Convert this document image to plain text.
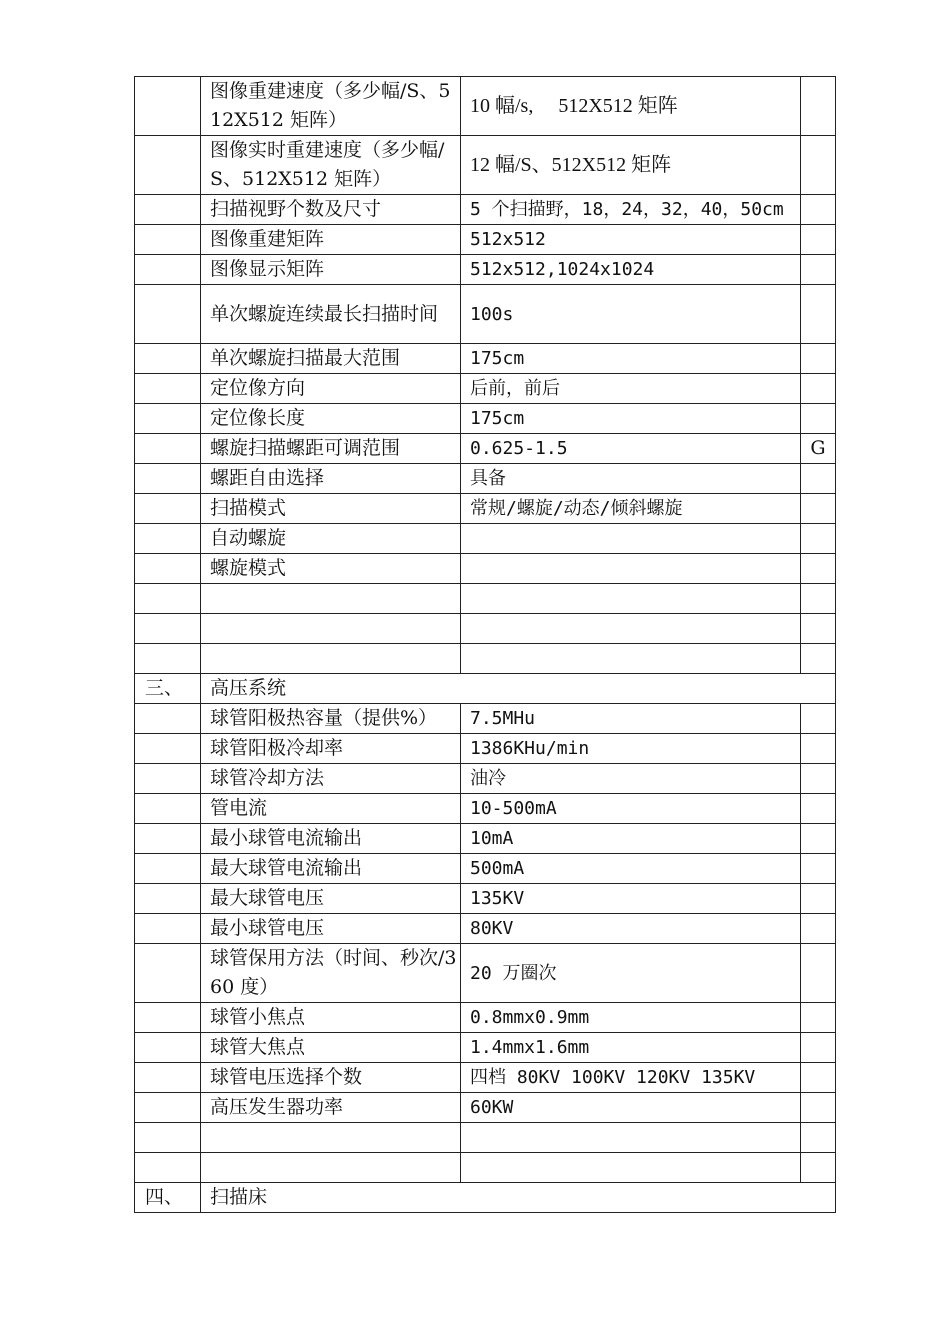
	图像重建速度（多少幅/S、512X512 矩阵）	10 幅/s,　 512X512 矩阵	
	图像实时重建速度（多少幅/S、512X512 矩阵）	12 幅/S、512X512 矩阵	
	扫描视野个数及尺寸	5 个扫描野，18，24，32，40，50cm	
	图像重建矩阵	512x512	
	图像显示矩阵	512x512,1024x1024	
	单次螺旋连续最长扫描时间	100s	
	单次螺旋扫描最大范围	175cm	
	定位像方向	后前，前后	
	定位像长度	175cm	
	螺旋扫描螺距可调范围	0.625-1.5	G
	螺距自由选择	具备	
	扫描模式	常规/螺旋/动态/倾斜螺旋	
	自动螺旋		
	螺旋模式		

三、	高压系统		
	球管阳极热容量（提供%）	7.5MHu	
	球管阳极冷却率	1386KHu/min	
	球管冷却方法	油冷	
	管电流	10-500mA	
	最小球管电流输出	10mA	
	最大球管电流输出	500mA	
	最大球管电压	135KV	
	最小球管电压	80KV	
	球管保用方法（时间、秒次/360 度）	20 万圈次	
	球管小焦点	0.8mmx0.9mm	
	球管大焦点	1.4mmx1.6mm	
	球管电压选择个数	四档 80KV 100KV 120KV 135KV	
	高压发生器功率	60KW	

四、	扫描床		
